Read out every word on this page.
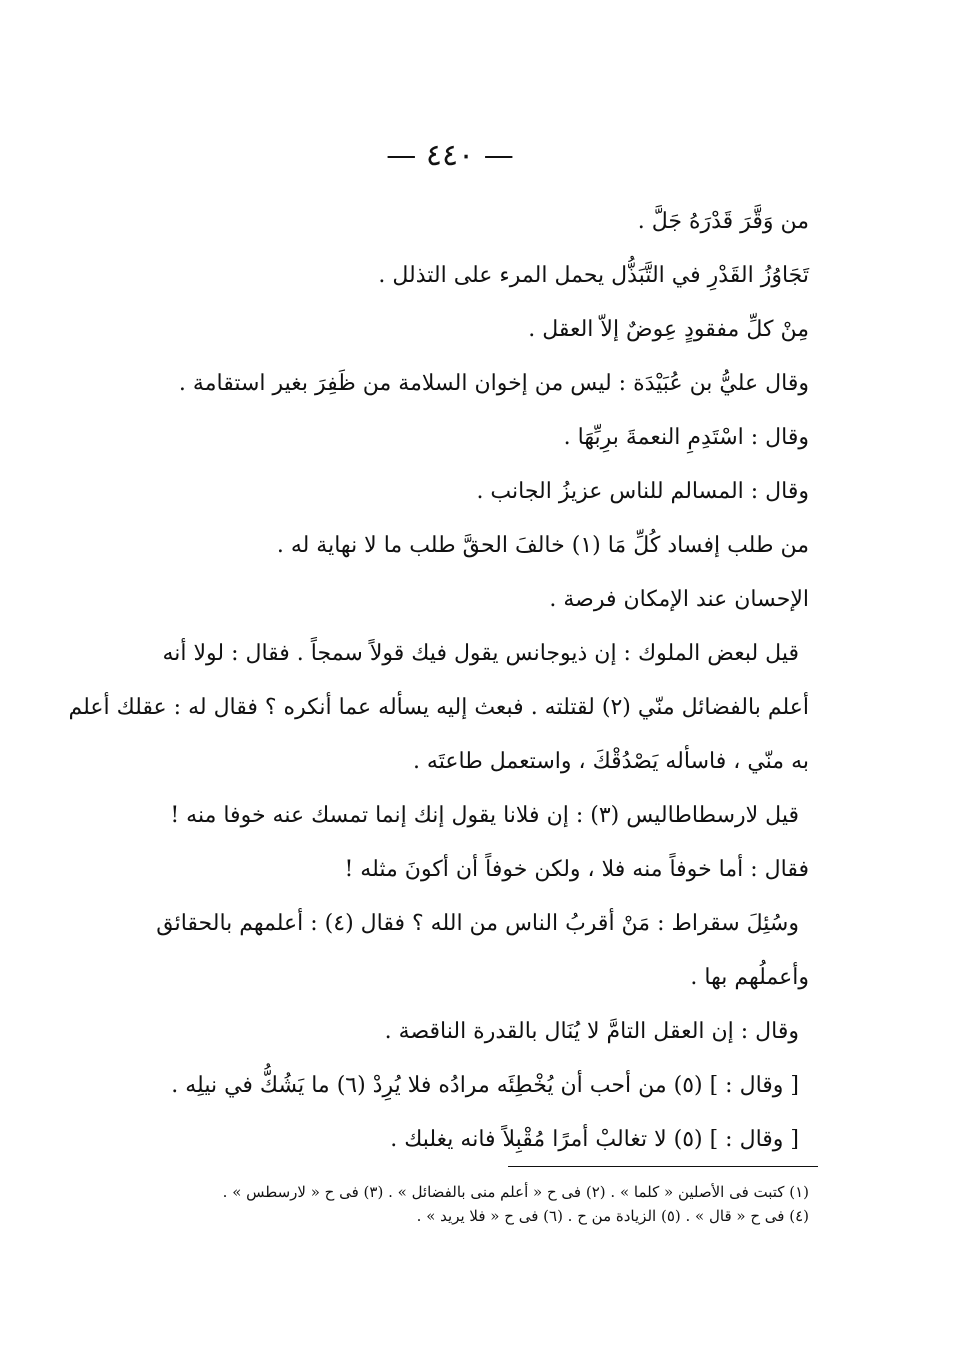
— ٤٤٠ —
من وَقَّرَ قَدْرَهُ جَلَّ .
تَجَاوُزُ القَدْرِ في التَّبَذُّل يحمل المرء على التذلل .
مِنْ كلِّ مفقودٍ عِوضٌ إلاّ العقل .
وقال عليُّ بن عُبَيْدَة : ليس من إخوان السلامة من ظَفِرَ بغير استقامة .
وقال : اسْتَدِمِ النعمةَ برِبِّهَا .
وقال : المسالم للناس عزيزُ الجانب .
من طلب إفساد كُلِّ مَا (١) خالفَ الحقَّ طلب ما لا نهاية له .
الإحسان عند الإمكان فرصة .
قيل لبعض الملوك : إن ذيوجانس يقول فيك قولاً سمجاً . فقال : لولا أنه
أعلم بالفضائل منّي (٢) لقتلته . فبعث إليه يسأله عما أنكره ؟ فقال له : عقلك أعلم
به منّي ، فاسأله يَصْدُقْكَ ، واستعمل طاعتَه .
قيل لارسطاطاليس (٣) : إن فلانا يقول إنك إنما تمسك عنه خوفا منه !
فقال : أما خوفاً منه فلا ، ولكن خوفاً أن أكونَ مثله !
وسُئِلَ سقراط : مَنْ أقربُ الناس من الله ؟ فقال (٤) : أعلمهم بالحقائق
وأعملُهم بها .
وقال : إن العقل التامَّ لا يُنَال بالقدرة الناقصة .
[ وقال : ] (٥) من أحب أن يُخْطِئَه مرادُه فلا يُرِدْ (٦) ما يَشُكُّ في نيلِه .
[ وقال : ] (٥) لا تغالبْ أمرًا مُقْبِلاً فانه يغلبك .
(١) كتبت فى الأصلين « كلما » . (٢) فى ح « أعلم منى بالفضائل » . (٣) فى ح « لارسطس » .
(٤) فى ح « قال » . (٥) الزيادة من ح . (٦) فى ح « فلا يريد » .
